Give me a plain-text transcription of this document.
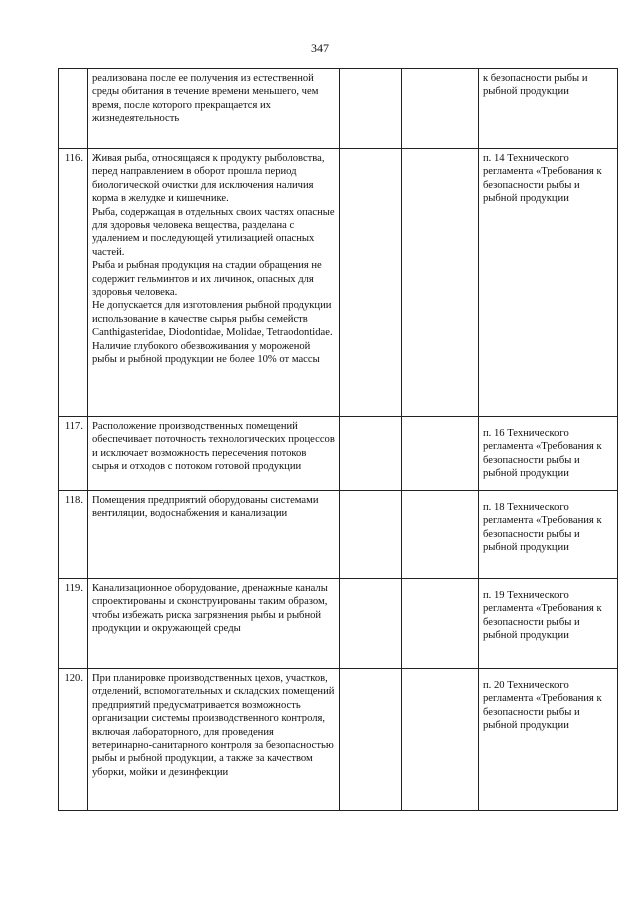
347

	реализована после ее получения из естественной среды обитания в течение времени меньшего, чем время, после которого прекращается их жизнедеятельность			к безопасности рыбы и рыбной продукции
116.	Живая рыба, относящаяся к продукту рыболовства, перед направлением в оборот прошла период биологической очистки для исключения наличия корма в желудке и кишечнике.
Рыба, содержащая в отдельных своих частях опасные для здоровья человека вещества, разделана с удалением и последующей утилизацией опасных частей.
Рыба и рыбная продукция на стадии обращения не содержит гельминтов и их личинок, опасных для здоровья человека.
Не допускается для изготовления рыбной продукции использование в качестве сырья рыбы семейств Canthigasteridae, Diodontidae, Molidae, Tetraodontidae.
Наличие глубокого обезвоживания у мороженой рыбы и рыбной продукции не более 10% от массы			п. 14 Технического регламента «Требования к безопасности рыбы и рыбной продукции
117.	Расположение производственных помещений обеспечивает поточность технологических процессов и исключает возможность пересечения потоков сырья и отходов с потоком готовой продукции			п. 16 Технического регламента «Требования к безопасности рыбы и рыбной продукции
118.	Помещения предприятий оборудованы системами вентиляции, водоснабжения и канализации			п. 18 Технического регламента «Требования к безопасности рыбы и рыбной продукции
119.	Канализационное оборудование, дренажные каналы спроектированы и сконструированы таким образом, чтобы избежать риска загрязнения рыбы и рыбной продукции и окружающей среды			п. 19 Технического регламента «Требования к безопасности рыбы и рыбной продукции
120.	При планировке производственных цехов, участков, отделений, вспомогательных и складских помещений предприятий предусматривается возможность организации системы производственного контроля, включая лабораторного, для проведения ветеринарно-санитарного контроля за безопасностью рыбы и рыбной продукции, а также за качеством уборки, мойки и дезинфекции			п. 20 Технического регламента «Требования к безопасности рыбы и рыбной продукции
